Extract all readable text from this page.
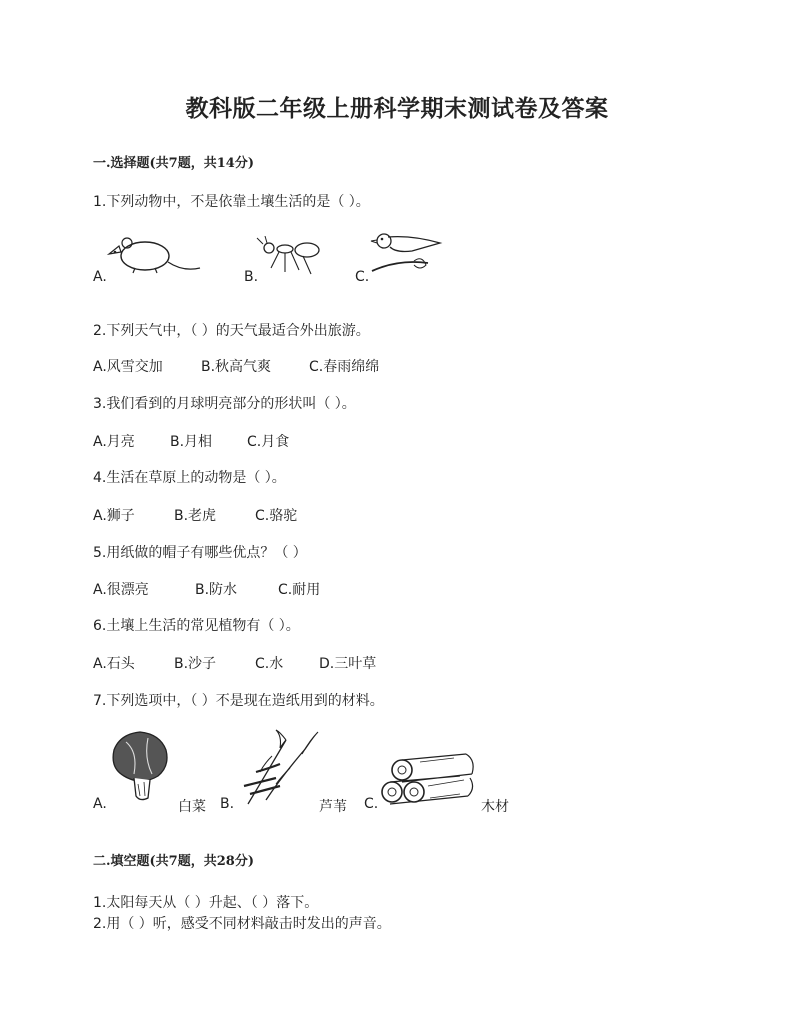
教科版二年级上册科学期末测试卷及答案
一.选择题(共7题，共14分)
1.下列动物中，不是依靠土壤生活的是（ ）。
A.	B.	C.
2.下列天气中，（ ）的天气最适合外出旅游。
A.风雪交加	B.秋高气爽	C.春雨绵绵
3.我们看到的月球明亮部分的形状叫（ ）。
A.月亮	B.月相 C.月食
4.生活在草原上的动物是（ ）。
A.狮子	B.老虎	C.骆驼
5.用纸做的帽子有哪些优点？（ ）
A.很漂亮	B.防水	C.耐用
6.土壤上生活的常见植物有（ ）。
A.石头	B.沙子	C.水	D.三叶草
7.下列选项中，（ ）不是现在造纸用到的材料。
A.	白菜 B.	芦苇 C.	木材
二.填空题(共7题，共28分)
1.太阳每天从（ ）升起、（ ）落下。
2.用（ ）听，感受不同材料敲击时发出的声音。
